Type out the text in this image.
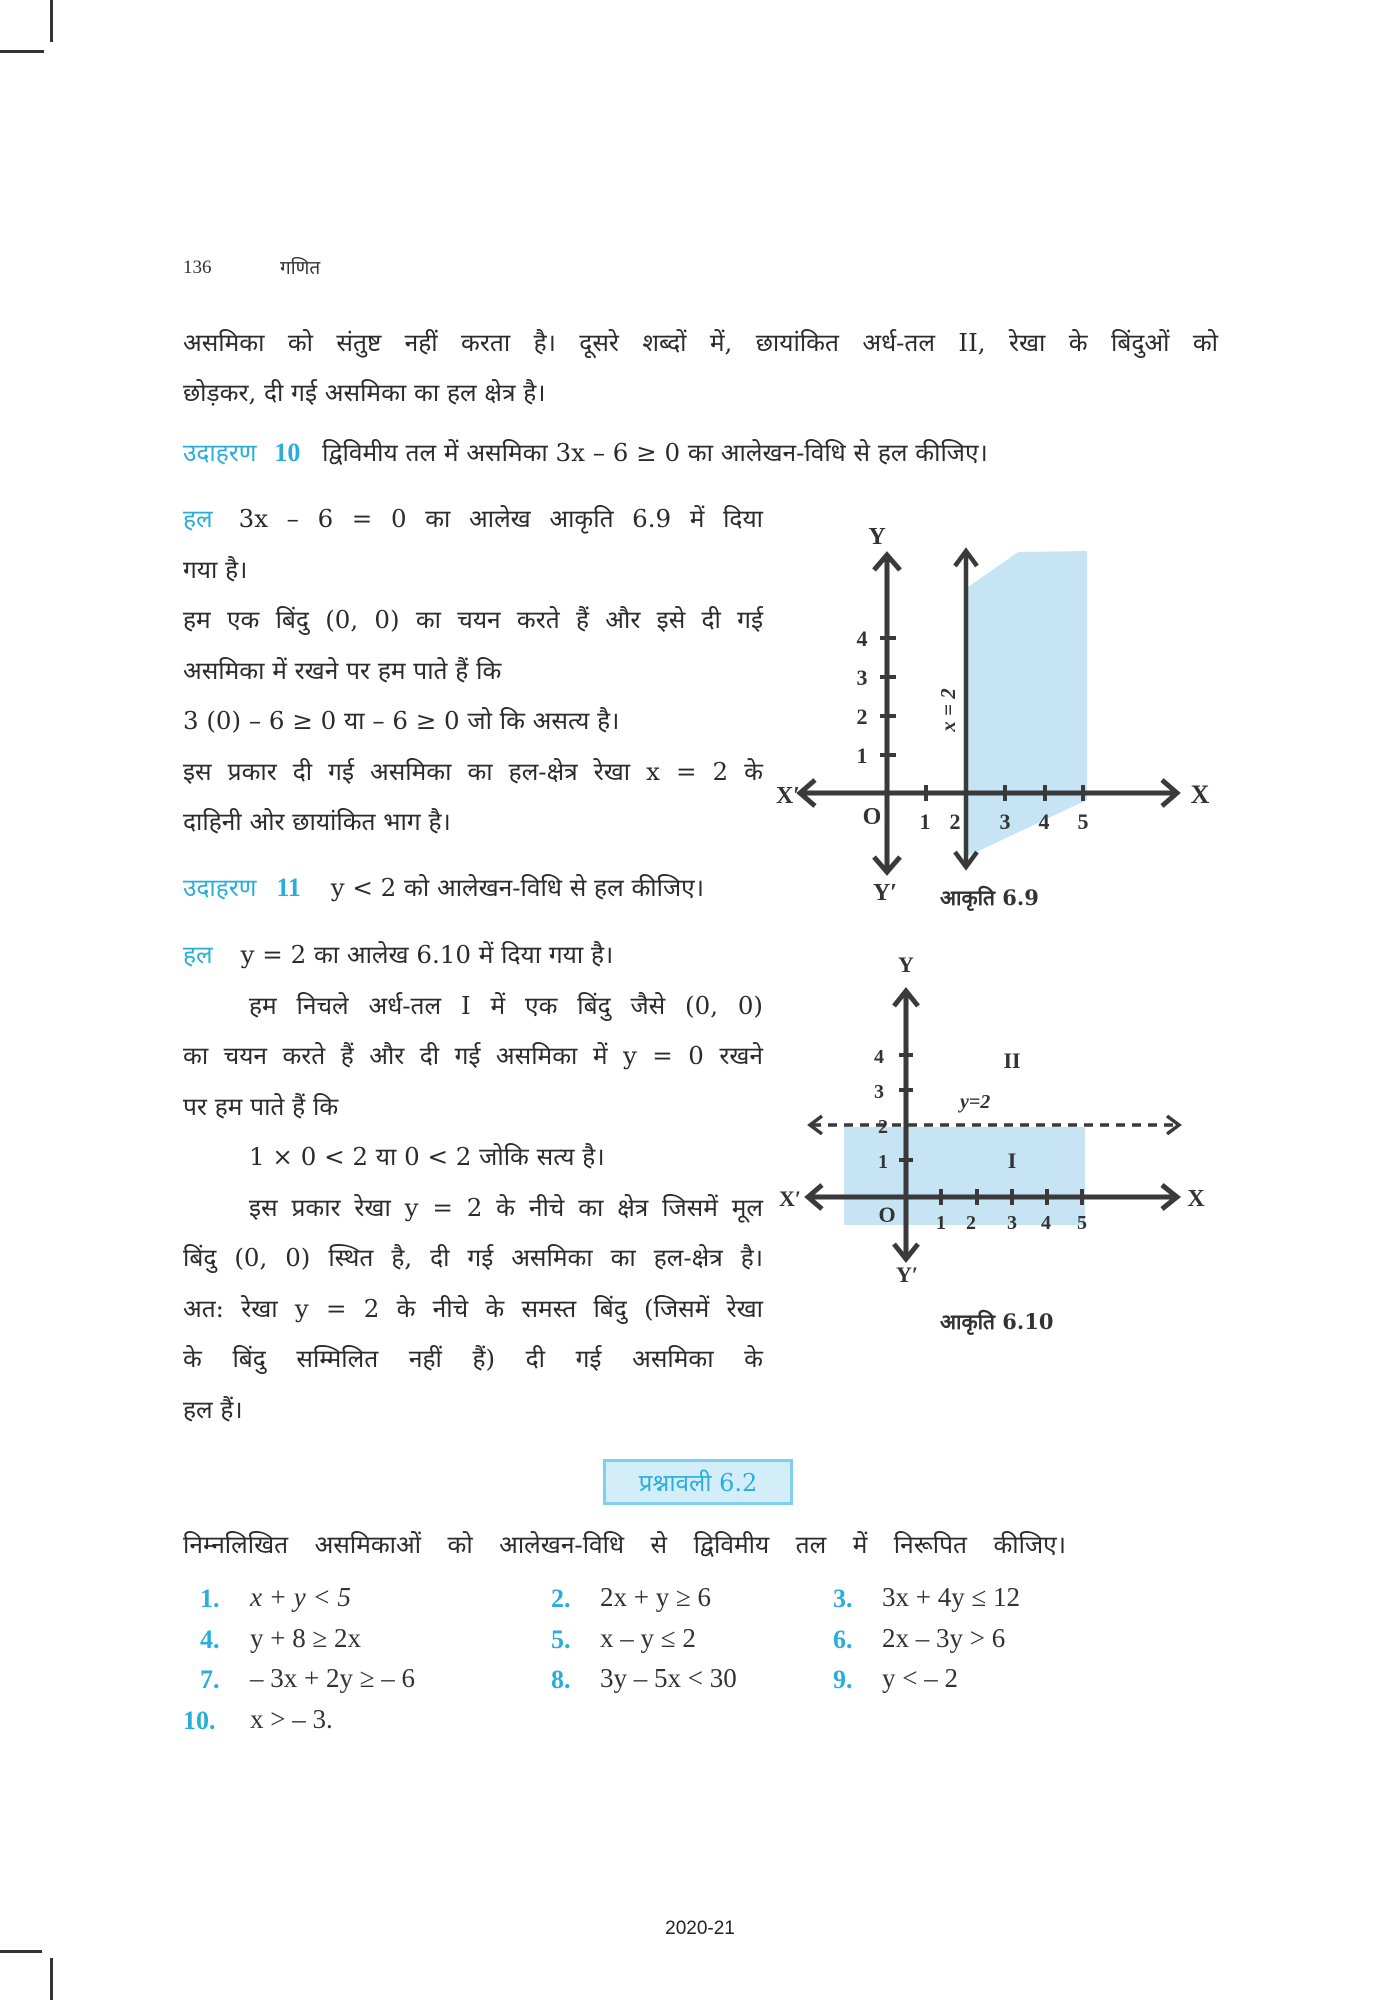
136	गणित
असमिका को संतुष्ट नहीं करता है। दूसरे शब्दों में, छायांकित अर्ध-तल II, रेखा के बिंदुओं को
छोड़कर, दी गई असमिका का हल क्षेत्र है।
उदाहरण 10 द्विविमीय तल में असमिका 3x – 6 ≥ 0 का आलेखन-विधि से हल कीजिए।
हल 3x – 6 = 0 का आलेख आकृति 6.9 में दिया
गया है।
हम एक बिंदु (0, 0) का चयन करते हैं और इसे दी गई
असमिका में रखने पर हम पाते हैं कि
3 (0) – 6 ≥ 0 या – 6 ≥ 0 जो कि असत्य है।
इस प्रकार दी गई असमिका का हल-क्षेत्र रेखा x = 2 के
दाहिनी ओर छायांकित भाग है।
Y
Y′
X′	X
O 1 2 3 4 5
1
2
3
4
x = 2
आकृति 6.9
उदाहरण 11 y < 2 को आलेखन-विधि से हल कीजिए।
हल y = 2 का आलेख 6.10 में दिया गया है।
हम निचले अर्ध-तल I में एक बिंदु जैसे (0, 0)
का चयन करते हैं और दी गई असमिका में y = 0 रखने
पर हम पाते हैं कि
1 × 0 < 2 या 0 < 2 जोकि सत्य है।
इस प्रकार रेखा y = 2 के नीचे का क्षेत्र जिसमें मूल
बिंदु (0, 0) स्थित है, दी गई असमिका का हल-क्षेत्र है।
अत: रेखा y = 2 के नीचे के समस्त बिंदु (जिसमें रेखा
के बिंदु सम्मिलित नहीं हैं) दी गई असमिका के
हल हैं।
Y
Y′
X′	X
O 1 2 3 4 5
1
2
3
4
y=2
I
II
आकृति 6.10
प्रश्नावली 6.2
निम्नलिखित असमिकाओं को आलेखन-विधि से द्विविमीय तल में निरूपित कीजिए।
1. x + y < 5	2. 2x + y ≥ 6	3. 3x + 4y ≤ 12
4. y + 8 ≥ 2x	5. x – y ≤ 2	6. 2x – 3y > 6
7. – 3x + 2y ≥ – 6	8. 3y – 5x < 30	9. y < – 2
10. x > – 3.
2020-21
